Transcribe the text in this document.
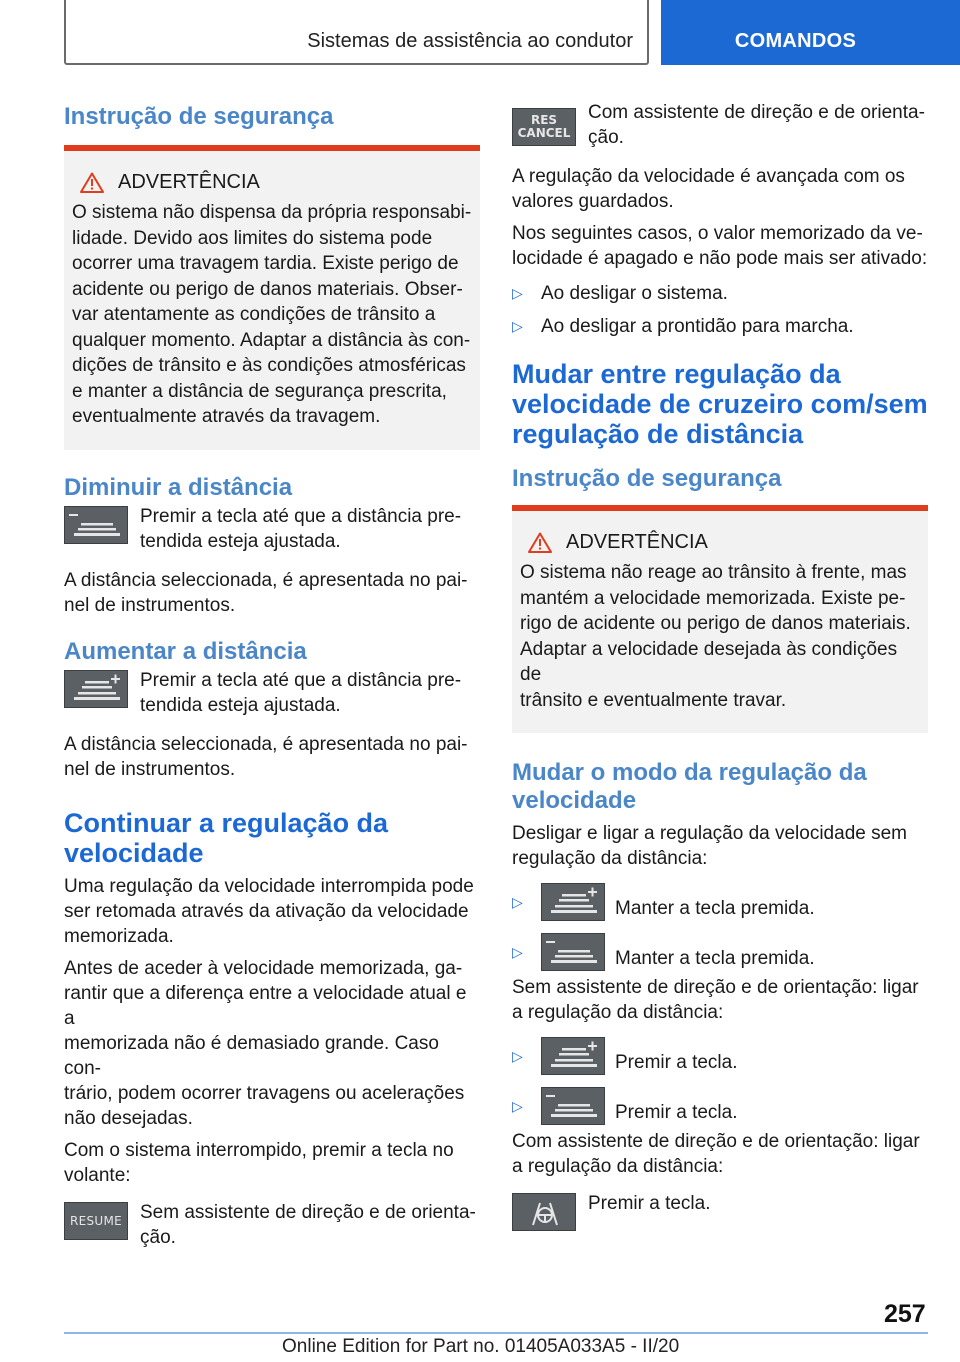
Sistemas de assistência ao condutor	COMANDOS
Instrução de segurança
ADVERTÊNCIA

O sistema não dispensa da própria responsabi-
lidade. Devido aos limites do sistema pode
ocorrer uma travagem tardia. Existe perigo de
acidente ou perigo de danos materiais. Obser-
var atentamente as condições de trânsito a
qualquer momento. Adaptar a distância às con-
dições de trânsito e às condições atmosféricas
e manter a distância de segurança prescrita,
eventualmente através da travagem.

Diminuir a distância
Premir a tecla até que a distância pre-
tendida esteja ajustada.

A distância seleccionada, é apresentada no pai-
nel de instrumentos.

Aumentar a distância
Premir a tecla até que a distância pre-
tendida esteja ajustada.

A distância seleccionada, é apresentada no pai-
nel de instrumentos.

Continuar a regulação da
velocidade

Uma regulação da velocidade interrompida pode
ser retomada através da ativação da velocidade
memorizada.

Antes de aceder à velocidade memorizada, ga-
rantir que a diferença entre a velocidade atual e a
memorizada não é demasiado grande. Caso con-
trário, podem ocorrer travagens ou acelerações
não desejadas.

Com o sistema interrompido, premir a tecla no
volante:

RESUME Sem assistente de direção e de orienta-
ção.
RES
CANCEL
Com assistente de direção e de orienta-
ção.

A regulação da velocidade é avançada com os
valores guardados.

Nos seguintes casos, o valor memorizado da ve-
locidade é apagado e não pode mais ser ativado:

▷ Ao desligar o sistema.
▷ Ao desligar a prontidão para marcha.
Mudar entre regulação da
velocidade de cruzeiro com/sem
regulação de distância
Instrução de segurança
ADVERTÊNCIA

O sistema não reage ao trânsito à frente, mas
mantém a velocidade memorizada. Existe pe-
rigo de acidente ou perigo de danos materiais.
Adaptar a velocidade desejada às condições de
trânsito e eventualmente travar.

Mudar o modo da regulação da
velocidade

Desligar e ligar a regulação da velocidade sem
regulação da distância:

▷	Manter a tecla premida.
▷	Manter a tecla premida.

Sem assistente de direção e de orientação: ligar
a regulação da distância:

▷	Premir a tecla.
▷	Premir a tecla.

Com assistente de direção e de orientação: ligar
a regulação da distância:

Premir a tecla.
257
Online Edition for Part no. 01405A033A5 - II/20
